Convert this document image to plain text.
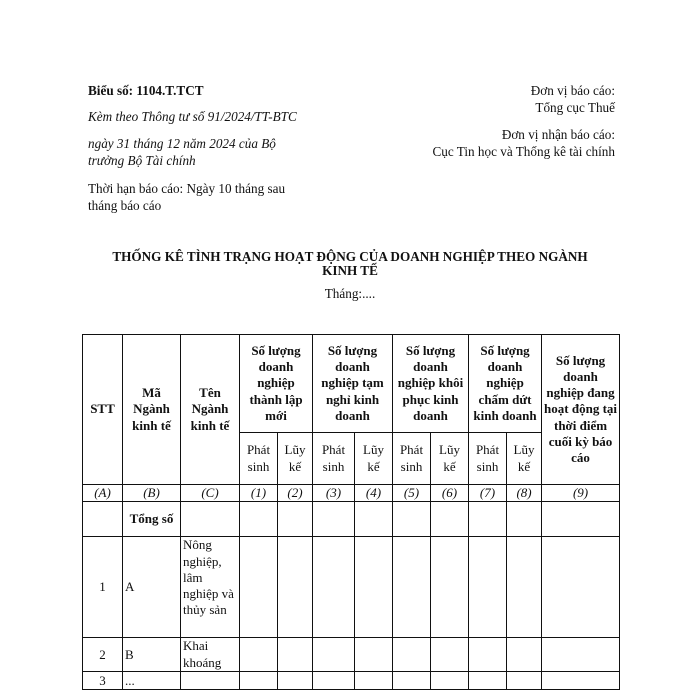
Biểu số: 1104.T.TCT

Kèm theo Thông tư số 91/2024/TT-BTC

ngày 31 tháng 12 năm 2024 của Bộ trưởng Bộ Tài chính

Thời hạn báo cáo: Ngày 10 tháng sau tháng báo cáo

Đơn vị báo cáo:
Tổng cục Thuế
Đơn vị nhận báo cáo:
Cục Tin học và Thống kê tài chính
THỐNG KÊ TÌNH TRẠNG HOẠT ĐỘNG CỦA DOANH NGHIỆP THEO NGÀNH KINH TẾ
Tháng:....
STT	Mã Ngành kinh tế	Tên Ngành kinh tế	Số lượng doanh nghiệp thành lập mới		Số lượng doanh nghiệp tạm nghỉ kinh doanh		Số lượng doanh nghiệp khôi phục kinh doanh		Số lượng doanh nghiệp chấm dứt kinh doanh		Số lượng doanh nghiệp đang hoạt động tại thời điểm cuối kỳ báo cáo
			Phát sinh	Lũy kế	Phát sinh	Lũy kế	Phát sinh	Lũy kế	Phát sinh	Lũy kế	
(A)	(B)	(C)	(1)	(2)	(3)	(4)	(5)	(6)	(7)	(8)	(9)
	Tổng số										
1	A	Nông nghiệp, lâm nghiệp và thủy sản									
2	B	Khai khoáng									
3	...										
